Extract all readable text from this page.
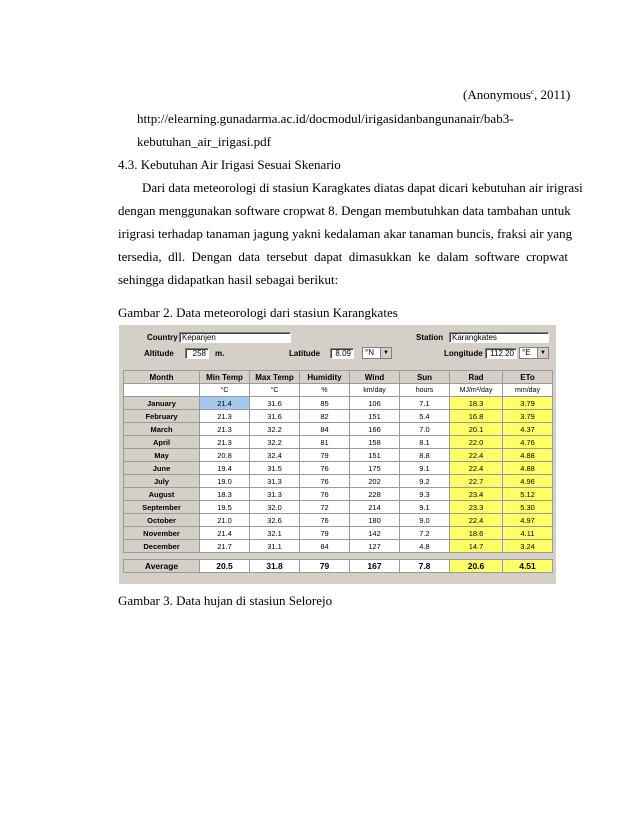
(Anonymous$^c$, 2011)
http://elearning.gunadarma.ac.id/docmodul/irigasidanbangunanair/bab3-
kebutuhan_air_irigasi.pdf
4.3. Kebutuhan Air Irigasi Sesuai Skenario
Dari data meteorologi di stasiun Karagkates diatas dapat dicari kebutuhan air irigrasi
dengan menggunakan software cropwat 8. Dengan membutuhkan data tambahan untuk
irigrasi terhadap tanaman jagung yakni kedalaman akar tanaman buncis, fraksi air yang
tersedia, dll. Dengan data tersebut dapat dimasukkan ke dalam software cropwat
sehingga didapatkan hasil sebagai berikut:
Gambar 2. Data meteorologi dari stasiun Karangkates
Country Kepanjen	Station	Karangkates
Altitude	258	m.	Latitude	8.09	°N	▼	Longitude 112.20	°E	▼
Month	Min Temp	Max Temp	Humidity	Wind	Sun	Rad	ETo
	°C	°C	%	km/day	hours	MJ/m²/day	mm/day
January	21.4	31.6	85	106	7.1	18.3	3.79
February	21.3	31.6	82	151	5.4	16.8	3.79
March	21.3	32.2	84	166	7.0	20.1	4.37
April	21.3	32.2	81	158	8.1	22.0	4.76
May	20.8	32.4	79	151	8.8	22.4	4.88
June	19.4	31.5	76	175	9.1	22.4	4.88
July	19.0	31.3	76	202	9.2	22.7	4.96
August	18.3	31.3	76	228	9.3	23.4	5.12
September	19.5	32.0	72	214	9.1	23.3	5.30
October	21.0	32.6	76	180	9.0	22.4	4.97
November	21.4	32.1	79	142	7.2	18.6	4.11
December	21.7	31.1	84	127	4.8	14.7	3.24

Average	20.5	31.8	79	167	7.8	20.6	4.51
Gambar 3. Data hujan di stasiun Selorejo
